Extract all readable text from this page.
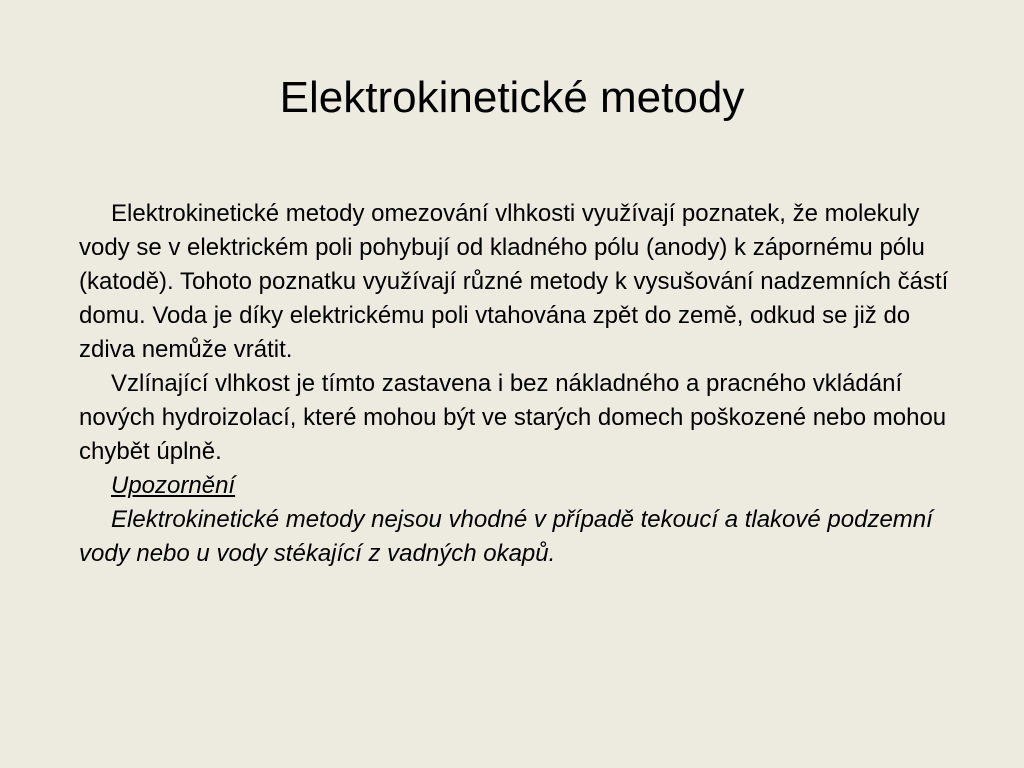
Elektrokinetické metody

Elektrokinetické metody omezování vlhkosti využívají poznatek, že molekuly vody se v elektrickém poli pohybují od kladného pólu (anody) k zápornému pólu (katodě). Tohoto poznatku využívají různé metody k vysušování nadzemních částí domu. Voda je díky elektrickému poli vtahována zpět do země, odkud se již do zdiva nemůže vrátit.

Vzlínající vlhkost je tímto zastavena i bez nákladného a pracného vkládání nových hydroizolací, které mohou být ve starých domech poškozené nebo mohou chybět úplně.

Upozornění

Elektrokinetické metody nejsou vhodné v případě tekoucí a tlakové podzemní vody nebo u vody stékající z vadných okapů.
